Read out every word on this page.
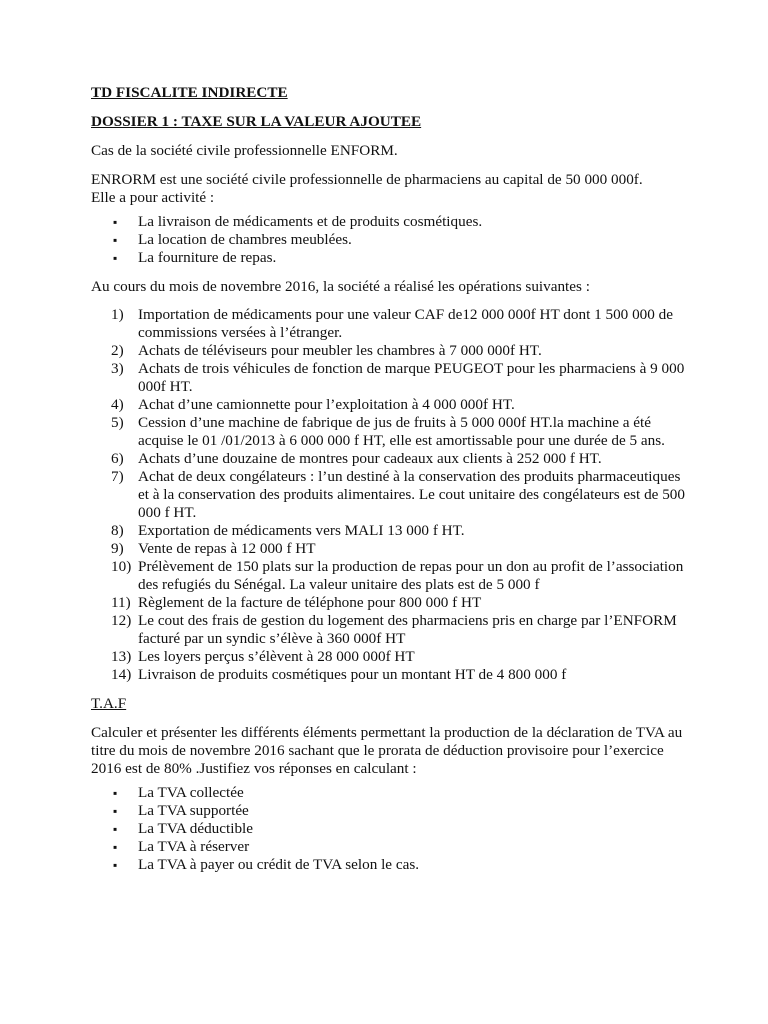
TD FISCALITE INDIRECTE

DOSSIER 1 : TAXE SUR LA VALEUR AJOUTEE

Cas de la société civile professionnelle ENFORM.

ENRORM est une société civile professionnelle de pharmaciens au capital de 50 000 000f.

Elle a pour activité :

▪ La livraison de médicaments et de produits cosmétiques.
▪ La location de chambres meublées.
▪ La fourniture de repas.

Au cours du mois de novembre 2016, la société a réalisé les opérations suivantes :

1) Importation de médicaments pour une valeur CAF de12 000 000f HT dont 1 500 000 de commissions versées à l’étranger.
2) Achats de téléviseurs pour meubler les chambres à 7 000 000f HT.
3) Achats de trois véhicules de fonction de marque PEUGEOT pour les pharmaciens à 9 000 000f HT.
4) Achat d’une camionnette pour l’exploitation à 4 000 000f HT.
5) Cession d’une machine de fabrique de jus de fruits à 5 000 000f HT.la machine a été acquise le 01 /01/2013 à 6 000 000 f HT, elle est amortissable pour une durée de 5 ans.
6) Achats d’une douzaine de montres pour cadeaux aux clients à 252 000 f HT.
7) Achat de deux congélateurs : l’un destiné à la conservation des produits pharmaceutiques et à la conservation des produits alimentaires. Le cout unitaire des congélateurs est de 500 000 f HT.
8) Exportation de médicaments vers MALI 13 000 f HT.
9) Vente de repas à 12 000 f HT
10) Prélèvement de 150 plats sur la production de repas pour un don au profit de l’association des refugiés du Sénégal. La valeur unitaire des plats est de 5 000 f
11) Règlement de la facture de téléphone pour 800 000 f HT
12) Le cout des frais de gestion du logement des pharmaciens pris en charge par l’ENFORM facturé par un syndic s’élève à 360 000f HT
13) Les loyers perçus s’élèvent à 28 000 000f HT
14) Livraison de produits cosmétiques pour un montant HT de 4 800 000 f

T.A.F

Calculer et présenter les différents éléments permettant la production de la déclaration de TVA au titre du mois de novembre 2016 sachant que le prorata de déduction provisoire pour l’exercice 2016 est de 80% .Justifiez vos réponses en calculant :

▪ La TVA collectée
▪ La TVA supportée
▪ La TVA déductible
▪ La TVA à réserver
▪ La TVA à payer ou crédit de TVA selon le cas.
